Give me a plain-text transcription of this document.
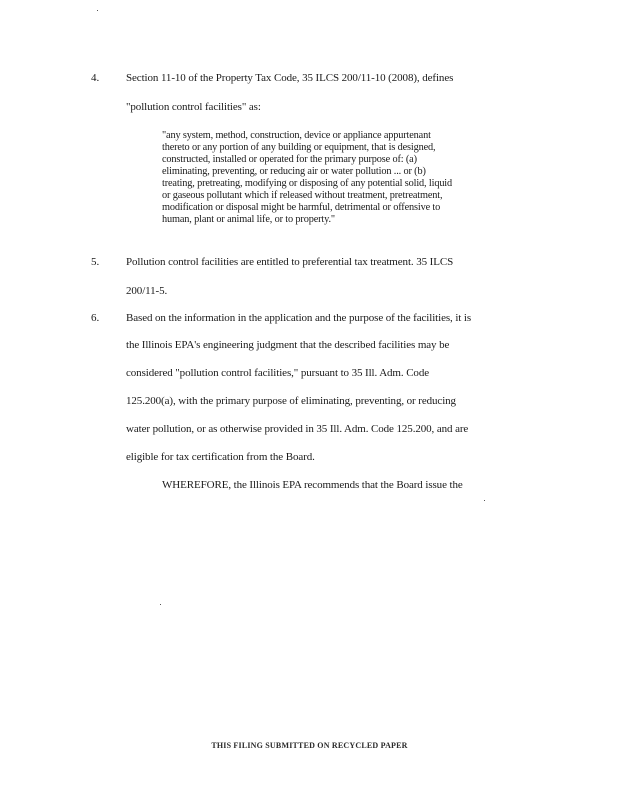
4. Section 11-10 of the Property Tax Code, 35 ILCS 200/11-10 (2008), defines
"pollution control facilities" as:
"any system, method, construction, device or appliance appurtenant
thereto or any portion of any building or equipment, that is designed,
constructed, installed or operated for the primary purpose of: (a)
eliminating, preventing, or reducing air or water pollution ... or (b)
treating, pretreating, modifying or disposing of any potential solid, liquid
or gaseous pollutant which if released without treatment, pretreatment,
modification or disposal might be harmful, detrimental or offensive to
human, plant or animal life, or to property."
5. Pollution control facilities are entitled to preferential tax treatment. 35 ILCS
200/11-5.
6. Based on the information in the application and the purpose of the facilities, it is
the Illinois EPA's engineering judgment that the described facilities may be
considered "pollution control facilities," pursuant to 35 Ill. Adm. Code
125.200(a), with the primary purpose of eliminating, preventing, or reducing
water pollution, or as otherwise provided in 35 Ill. Adm. Code 125.200, and are
eligible for tax certification from the Board.
WHEREFORE, the Illinois EPA recommends that the Board issue the
THIS FILING SUBMITTED ON RECYCLED PAPER
